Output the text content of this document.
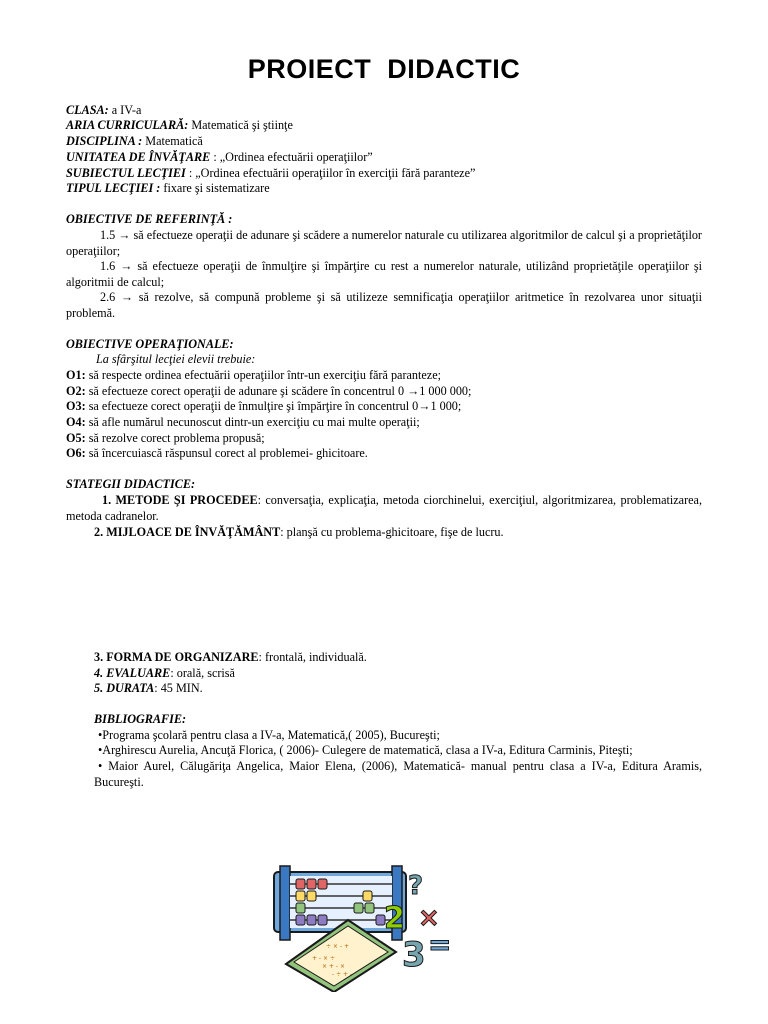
PROIECT DIDACTIC
CLASA: a IV-a
ARIA CURRICULARĂ: Matematică şi ştiinţe
DISCIPLINA : Matematică
UNITATEA DE ÎNVĂŢARE : „Ordinea efectuării operaţiilor”
SUBIECTUL LECŢIEI : „Ordinea efectuării operaţiilor în exerciţii fără paranteze”
TIPUL LECŢIEI : fixare şi sistematizare
OBIECTIVE DE REFERINŢĂ :
1.5 → să efectueze operaţii de adunare şi scădere a numerelor naturale cu utilizarea algoritmilor de calcul şi a proprietăţilor operaţiilor;
1.6 → să efectueze operaţii de înmulţire şi împărţire cu rest a numerelor naturale, utilizând proprietăţile operaţiilor şi algoritmii de calcul;
2.6 → să rezolve, să compună probleme şi să utilizeze semnificaţia operaţiilor aritmetice în rezolvarea unor situaţii problemă.
OBIECTIVE OPERAŢIONALE:
La sfârşitul lecţiei elevii trebuie:
O1: să respecte ordinea efectuării operaţiilor într-un exerciţiu fără paranteze;
O2: să efectueze corect operaţii de adunare şi scădere în concentrul 0 →1 000 000;
O3: sa efectueze corect operaţii de înmulţire şi împărţire în concentrul 0→1 000;
O4: să afle numărul necunoscut dintr-un exerciţiu cu mai multe operaţii;
O5: să rezolve corect problema propusă;
O6: să încercuiască răspunsul corect al problemei- ghicitoare.
STATEGII DIDACTICE:
1. METODE ŞI PROCEDEE: conversaţia, explicaţia, metoda ciorchinelui, exerciţiul, algoritmizarea, problematizarea, metoda cadranelor.
2. MIJLOACE DE ÎNVĂŢĂMÂNT: planşă cu problema-ghicitoare, fişe de lucru.
3. FORMA DE ORGANIZARE: frontală, individuală.
4. EVALUARE: orală, scrisă
5. DURATA: 45 MIN.
BIBLIOGRAFIE:
•Programa şcolară pentru clasa a IV-a, Matematică,( 2005), Bucureşti;
•Arghirescu Aurelia, Ancuţă Florica, ( 2006)- Culegere de matematică, clasa a IV-a, Editura Carminis, Piteşti;
• Maior Aurel, Călugăriţa Angelica, Maior Elena, (2006), Matematică- manual pentru clasa a IV-a, Editura Aramis, Bucureşti.
+ - × ÷
× + - ×
- ÷ + -
÷ × - +
?
2
3
×
=
